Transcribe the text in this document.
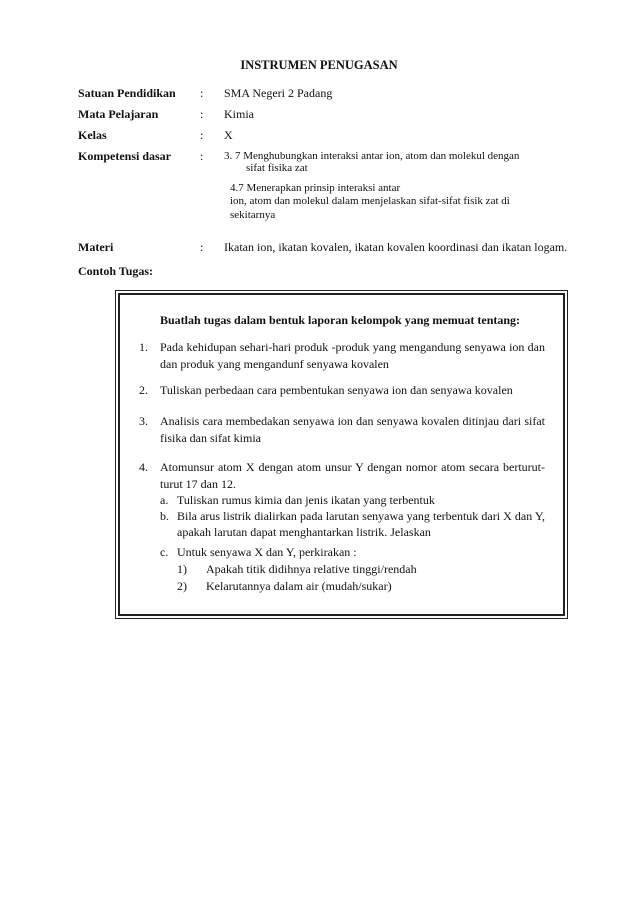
INSTRUMEN PENUGASAN
Satuan Pendidikan : SMA Negeri 2 Padang
Mata Pelajaran	: Kimia
Kelas	: X
Kompetensi dasar : 3. 7 Menghubungkan interaksi antar ion, atom dan molekul dengan
sifat fisika zat
4.7 Menerapkan prinsip interaksi antar
ion, atom dan molekul dalam menjelaskan sifat-sifat fisik zat di
sekitarnya
Materi	: Ikatan ion, ikatan kovalen, ikatan kovalen koordinasi dan ikatan logam.
Contoh Tugas:
Buatlah tugas dalam bentuk laporan kelompok yang memuat tentang:
1. Pada kehidupan sehari-hari produk -produk yang mengandung senyawa ion dan dan produk yang mengandunf senyawa kovalen
2. Tuliskan perbedaan cara pembentukan senyawa ion dan senyawa kovalen
3. Analisis cara membedakan senyawa ion dan senyawa kovalen ditinjau dari sifat fisika dan sifat kimia
4. Atomunsur atom X dengan atom unsur Y dengan nomor atom secara berturut-turut 17 dan 12.
a. Tuliskan rumus kimia dan jenis ikatan yang terbentuk
b. Bila arus listrik dialirkan pada larutan senyawa yang terbentuk dari X dan Y, apakah larutan dapat menghantarkan listrik. Jelaskan
c. Untuk senyawa X dan Y, perkirakan :
1) Apakah titik didihnya relative tinggi/rendah
2) Kelarutannya dalam air (mudah/sukar)
